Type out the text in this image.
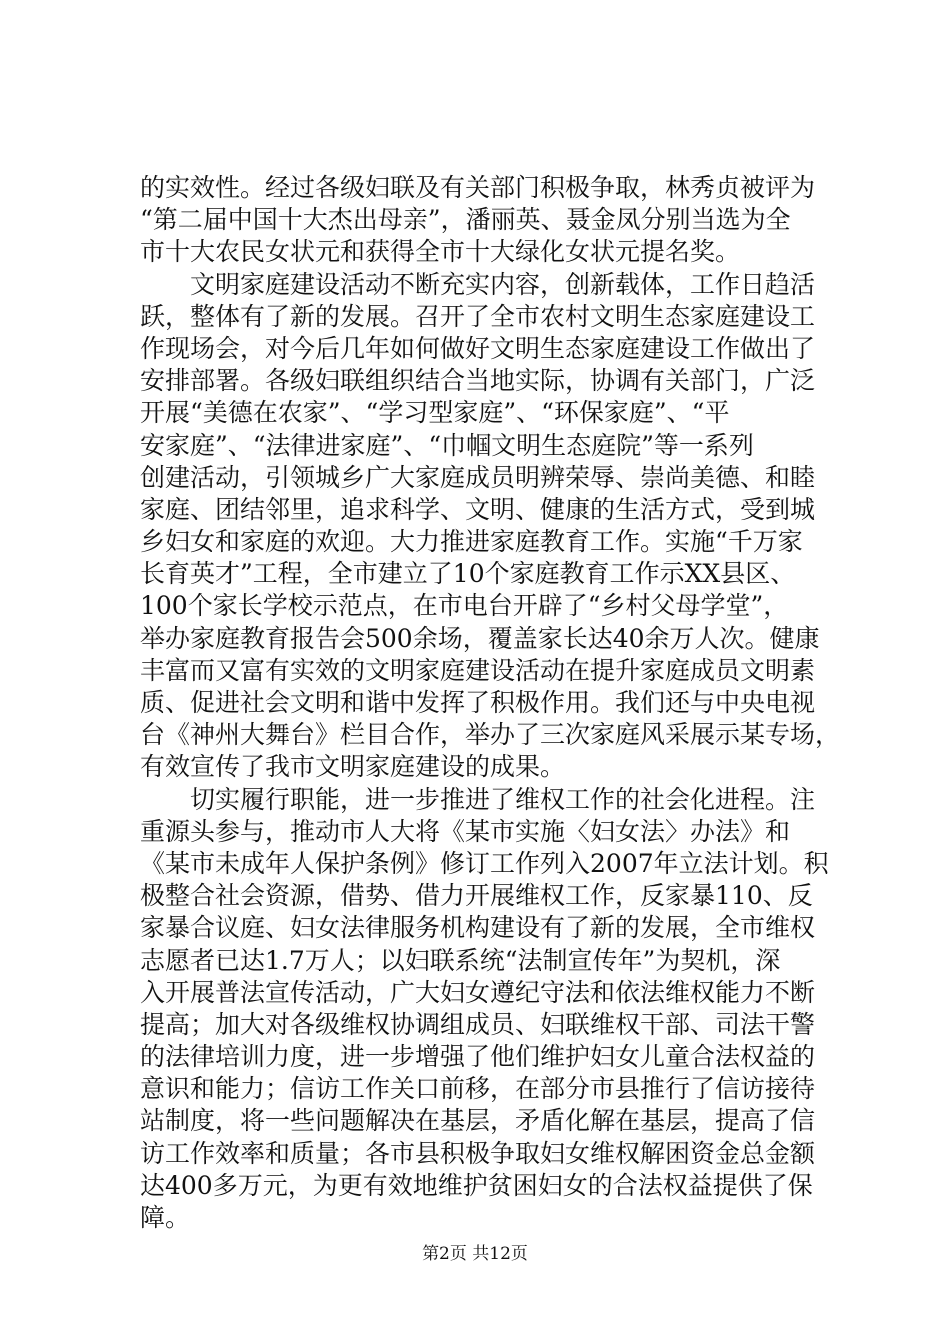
的实效性。经过各级妇联及有关部门积极争取，林秀贞被评为
“第二届中国十大杰出母亲”，潘丽英、聂金凤分别当选为全
市十大农民女状元和获得全市十大绿化女状元提名奖。
　　文明家庭建设活动不断充实内容，创新载体，工作日趋活
跃，整体有了新的发展。召开了全市农村文明生态家庭建设工
作现场会，对今后几年如何做好文明生态家庭建设工作做出了
安排部署。各级妇联组织结合当地实际，协调有关部门，广泛
开展“美德在农家”、“学习型家庭”、“环保家庭”、“平
安家庭”、“法律进家庭”、“巾帼文明生态庭院”等一系列
创建活动，引领城乡广大家庭成员明辨荣辱、崇尚美德、和睦
家庭、团结邻里，追求科学、文明、健康的生活方式，受到城
乡妇女和家庭的欢迎。大力推进家庭教育工作。实施“千万家
长育英才”工程，全市建立了10个家庭教育工作示XX县区、
100个家长学校示范点，在市电台开辟了“乡村父母学堂”，
举办家庭教育报告会500余场，覆盖家长达40余万人次。健康
丰富而又富有实效的文明家庭建设活动在提升家庭成员文明素
质、促进社会文明和谐中发挥了积极作用。我们还与中央电视
台《神州大舞台》栏目合作，举办了三次家庭风采展示某专场，
有效宣传了我市文明家庭建设的成果。
　　切实履行职能，进一步推进了维权工作的社会化进程。注
重源头参与，推动市人大将《某市实施〈妇女法〉办法》和
《某市未成年人保护条例》修订工作列入2007年立法计划。积
极整合社会资源，借势、借力开展维权工作，反家暴110、反
家暴合议庭、妇女法律服务机构建设有了新的发展，全市维权
志愿者已达1.7万人；以妇联系统“法制宣传年”为契机，深
入开展普法宣传活动，广大妇女遵纪守法和依法维权能力不断
提高；加大对各级维权协调组成员、妇联维权干部、司法干警
的法律培训力度，进一步增强了他们维护妇女儿童合法权益的
意识和能力；信访工作关口前移，在部分市县推行了信访接待
站制度，将一些问题解决在基层，矛盾化解在基层，提高了信
访工作效率和质量；各市县积极争取妇女维权解困资金总金额
达400多万元，为更有效地维护贫困妇女的合法权益提供了保
障。
第2页 共12页
